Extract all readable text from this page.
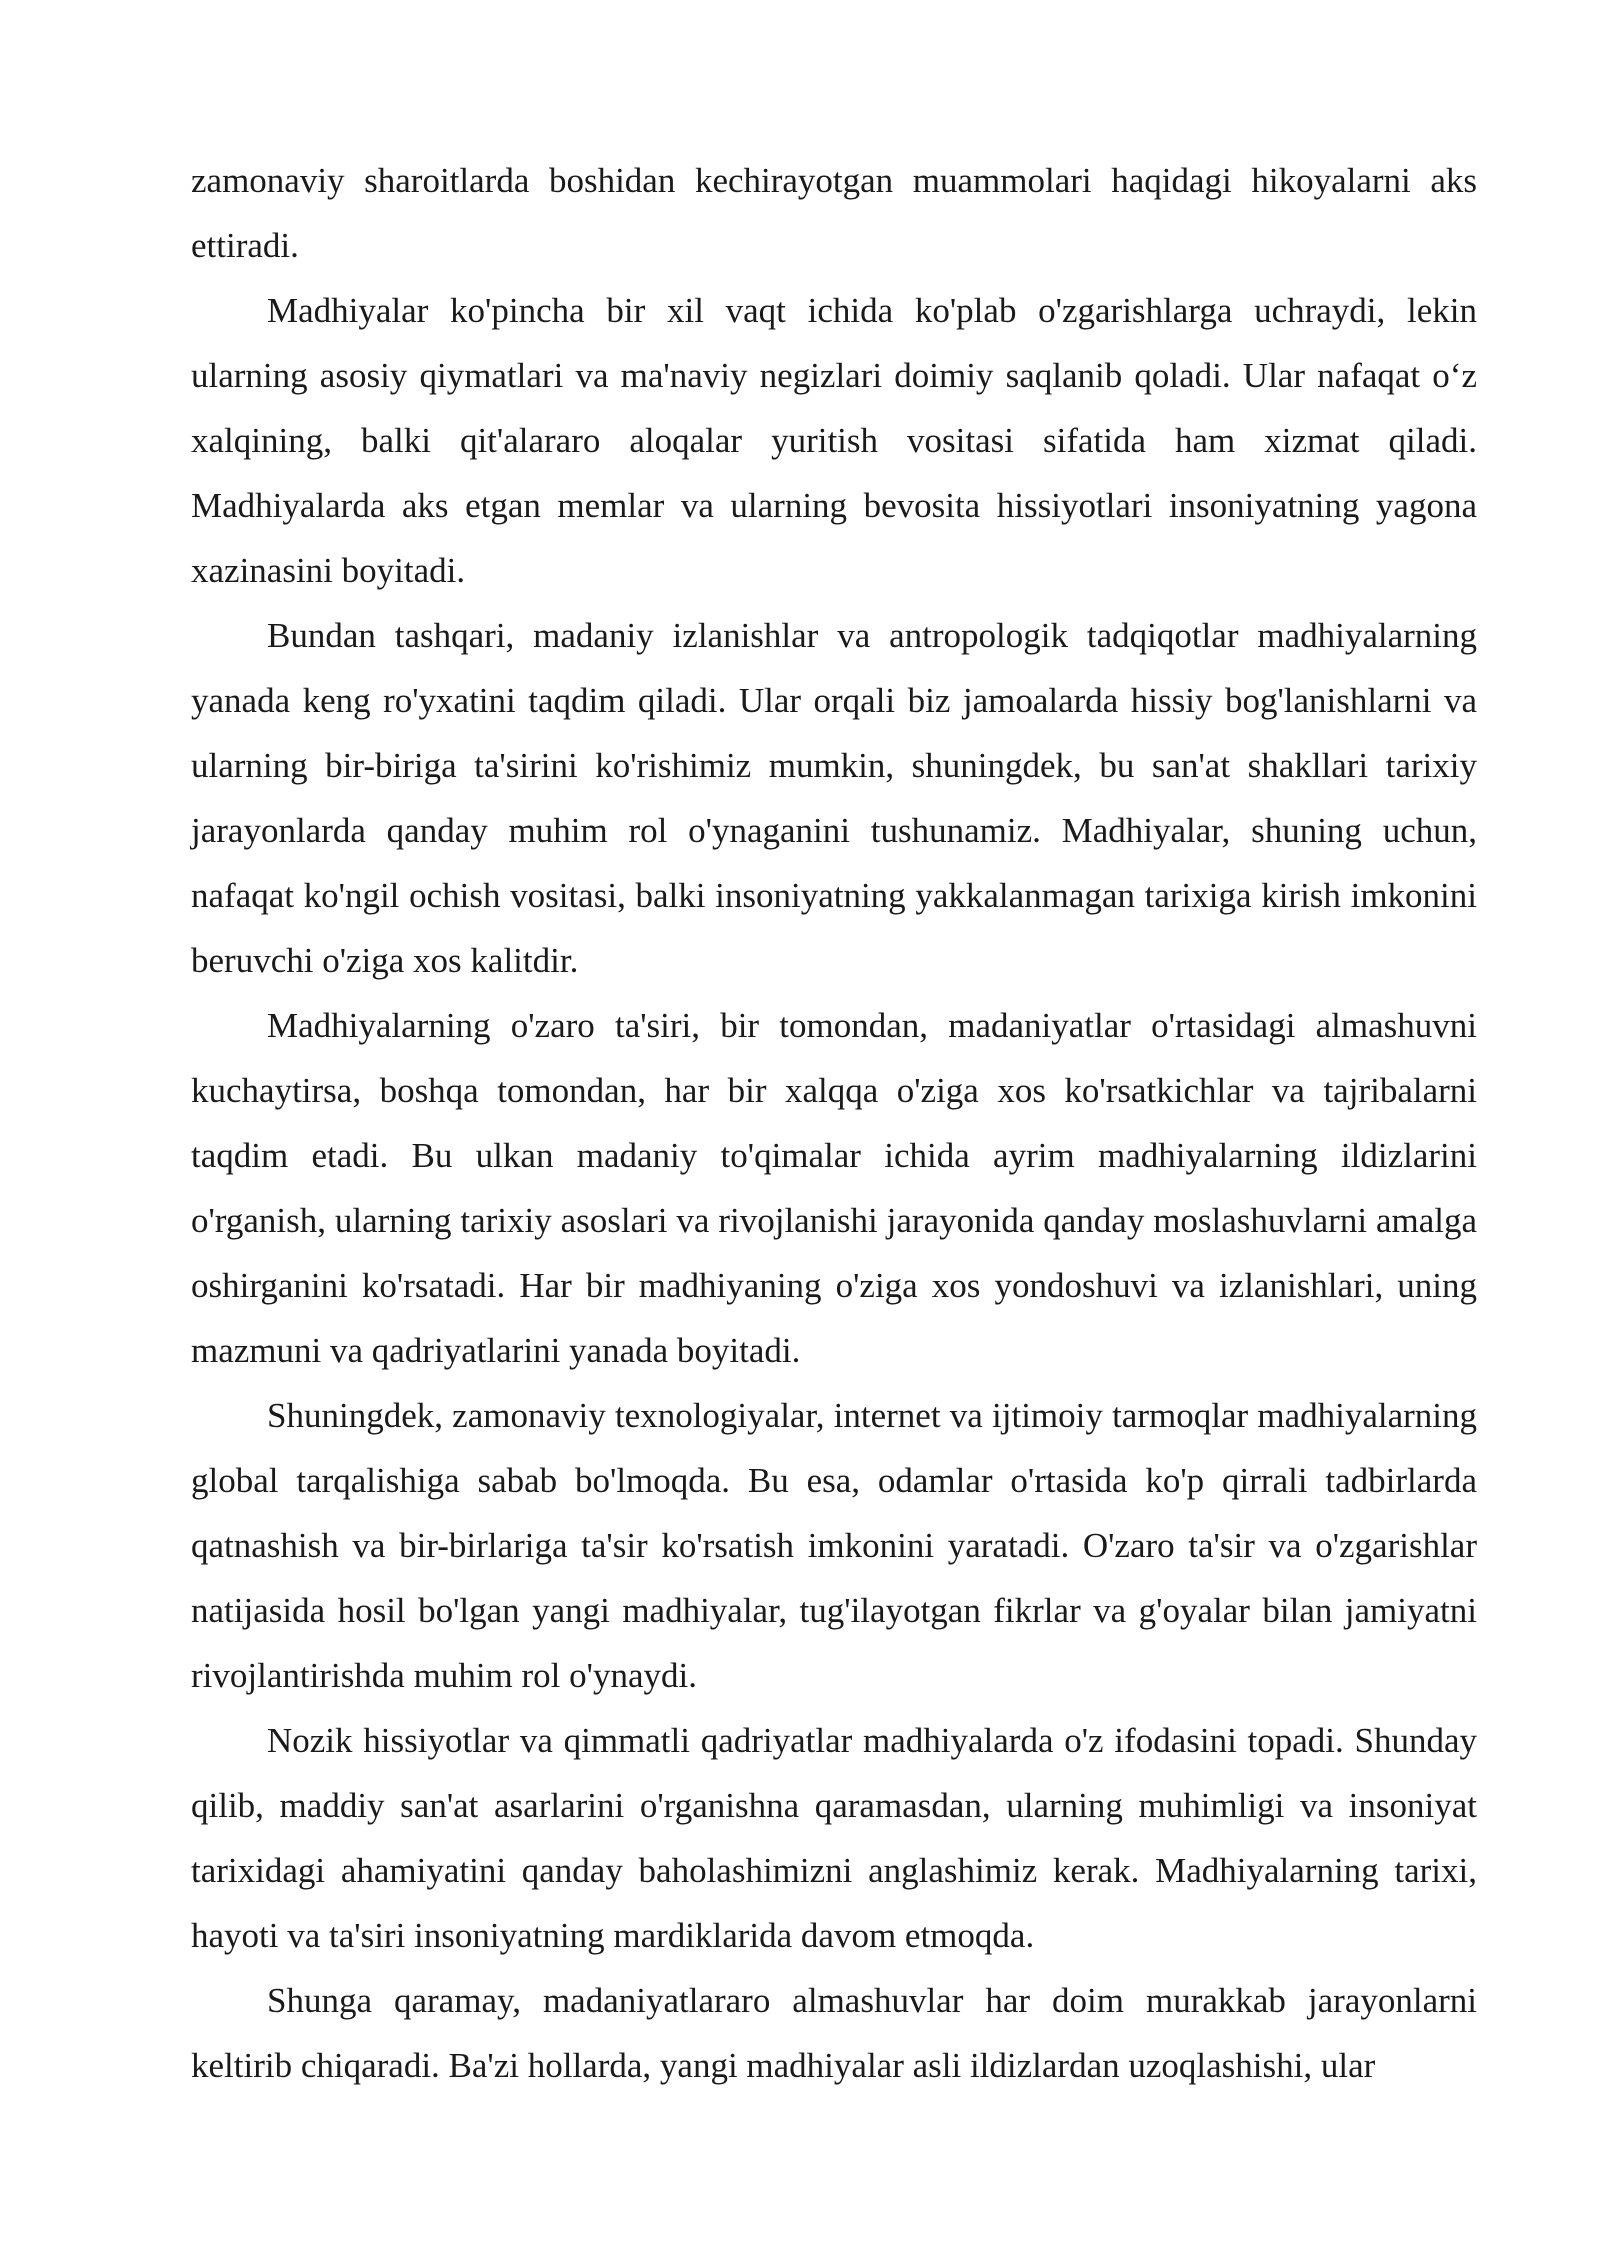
zamonaviy sharoitlarda boshidan kechirayotgan muammolari haqidagi hikoyalarni aks ettiradi.

Madhiyalar ko'pincha bir xil vaqt ichida ko'plab o'zgarishlarga uchraydi, lekin ularning asosiy qiymatlari va ma'naviy negizlari doimiy saqlanib qoladi. Ular nafaqat o‘z xalqining, balki qit'alararo aloqalar yuritish vositasi sifatida ham xizmat qiladi. Madhiyalarda aks etgan memlar va ularning bevosita hissiyotlari insoniyatning yagona xazinasini boyitadi.

Bundan tashqari, madaniy izlanishlar va antropologik tadqiqotlar madhiyalarning yanada keng ro'yxatini taqdim qiladi. Ular orqali biz jamoalarda hissiy bog'lanishlarni va ularning bir-biriga ta'sirini ko'rishimiz mumkin, shuningdek, bu san'at shakllari tarixiy jarayonlarda qanday muhim rol o'ynaganini tushunamiz. Madhiyalar, shuning uchun, nafaqat ko'ngil ochish vositasi, balki insoniyatning yakkalanmagan tarixiga kirish imkonini beruvchi o'ziga xos kalitdir.

Madhiyalarning o'zaro ta'siri, bir tomondan, madaniyatlar o'rtasidagi almashuvni kuchaytirsa, boshqa tomondan, har bir xalqqa o'ziga xos ko'rsatkichlar va tajribalarni taqdim etadi. Bu ulkan madaniy to'qimalar ichida ayrim madhiyalarning ildizlarini o'rganish, ularning tarixiy asoslari va rivojlanishi jarayonida qanday moslashuvlarni amalga oshirganini ko'rsatadi. Har bir madhiyaning o'ziga xos yondoshuvi va izlanishlari, uning mazmuni va qadriyatlarini yanada boyitadi.

Shuningdek, zamonaviy texnologiyalar, internet va ijtimoiy tarmoqlar madhiyalarning global tarqalishiga sabab bo'lmoqda. Bu esa, odamlar o'rtasida ko'p qirrali tadbirlarda qatnashish va bir-birlariga ta'sir ko'rsatish imkonini yaratadi. O'zaro ta'sir va o'zgarishlar natijasida hosil bo'lgan yangi madhiyalar, tug'ilayotgan fikrlar va g'oyalar bilan jamiyatni rivojlantirishda muhim rol o'ynaydi.

Nozik hissiyotlar va qimmatli qadriyatlar madhiyalarda o'z ifodasini topadi. Shunday qilib, maddiy san'at asarlarini o'rganishna qaramasdan, ularning muhimligi va insoniyat tarixidagi ahamiyatini qanday baholashimizni anglashimiz kerak. Madhiyalarning tarixi, hayoti va ta'siri insoniyatning mardiklarida davom etmoqda.

Shunga qaramay, madaniyatlararo almashuvlar har doim murakkab jarayonlarni keltirib chiqaradi. Ba'zi hollarda, yangi madhiyalar asli ildizlardan uzoqlashishi, ular
